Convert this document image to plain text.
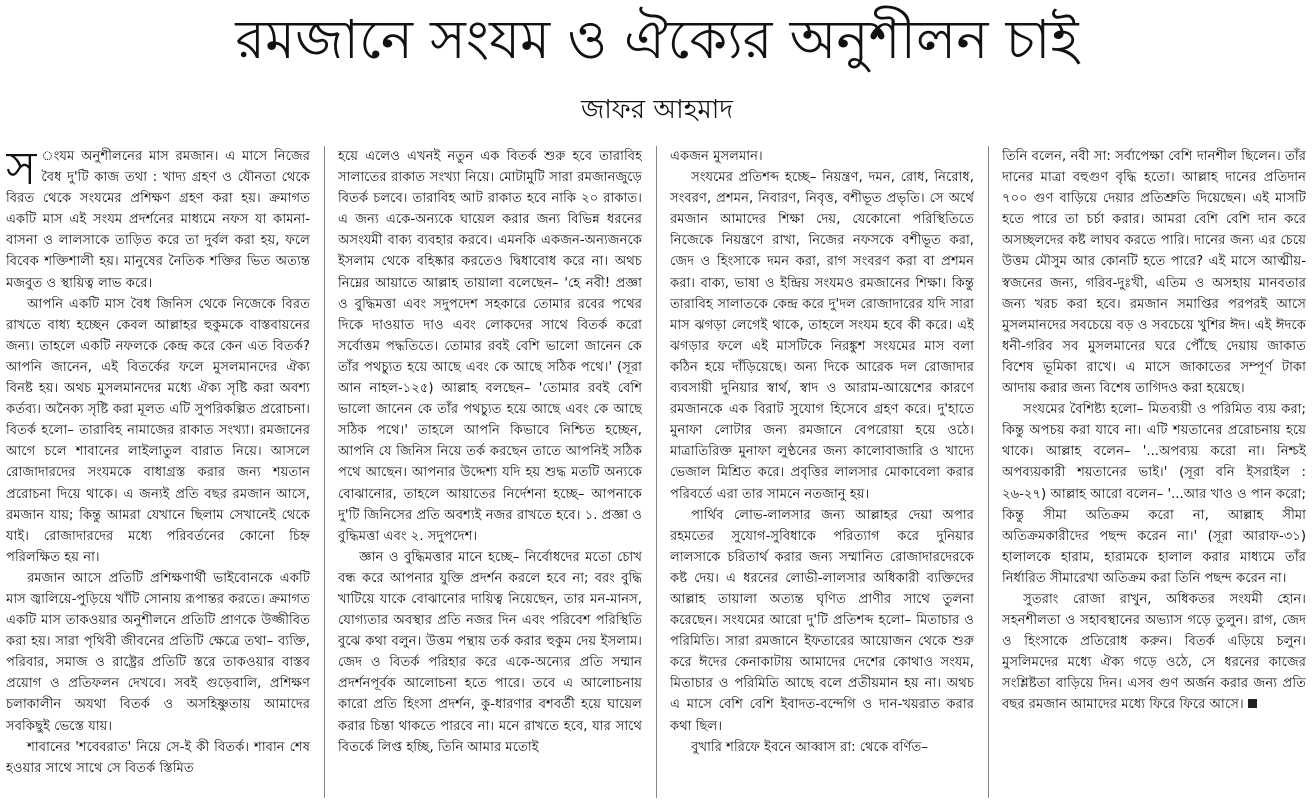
রমজানে সংযম ও ঐক্যের অনুশীলন চাই
জাফর আহমাদ

স ংযম অনুশীলনের মাস রমজান। এ মাসে নিজের বৈধ দু'টি কাজ তথা : খাদ্য গ্রহণ ও যৌনতা থেকে বিরত থেকে সংযমের প্রশিক্ষণ গ্রহণ করা হয়। ক্রমাগত একটি মাস এই সংযম প্রদর্শনের মাধ্যমে নফস যা কামনা-বাসনা ও লালসাকে তাড়িত করে তা দুর্বল করা হয়, ফলে বিবেক শক্তিশালী হয়। মানুষের নৈতিক শক্তির ভিত অত্যন্ত মজবুত ও স্থায়িত্ব লাভ করে।

আপনি একটি মাস বৈধ জিনিস থেকে নিজেকে বিরত রাখতে বাধ্য হচ্ছেন কেবল আল্লাহর হুকুমকে বাস্তবায়নের জন্য। তাহলে একটি নফলকে কেন্দ্র করে কেন এত বিতর্ক? আপনি জানেন, এই বিতর্কের ফলে মুসলমানদের ঐক্য বিনষ্ট হয়। অথচ মুসলমানদের মধ্যে ঐক্য সৃষ্টি করা অবশ্য কর্তব্য। অনৈক্য সৃষ্টি করা মূলত এটি সুপরিকল্পিত প্ররোচনা। বিতর্ক হলো– তারাবিহ নামাজের রাকাত সংখ্যা। রমজানের আগে চলে শাবানের লাইলাতুল বারাত নিয়ে। আসলে রোজাদারদের সংযমকে বাধাগ্রস্ত করার জন্য শয়তান প্ররোচনা দিয়ে থাকে। এ জন্যই প্রতি বছর রমজান আসে, রমজান যায়; কিন্তু আমরা যেখানে ছিলাম সেখানেই থেকে যাই। রোজাদারদের মধ্যে পরিবর্তনের কোনো চিহ্ন পরিলক্ষিত হয় না।

রমজান আসে প্রতিটি প্রশিক্ষণার্থী ভাইবোনকে একটি মাস জ্বালিয়ে-পুড়িয়ে খাঁটি সোনায় রূপান্তর করতে। ক্রমাগত একটি মাস তাকওয়ার অনুশীলনে প্রতিটি প্রাণকে উজ্জীবিত করা হয়। সারা পৃথিবী জীবনের প্রতিটি ক্ষেত্রে তথা– ব্যক্তি, পরিবার, সমাজ ও রাষ্ট্রের প্রতিটি স্তরে তাকওয়ার বাস্তব প্রয়োগ ও প্রতিফলন দেখবে। সবই গুড়েবালি, প্রশিক্ষণ চলাকালীন অযথা বিতর্ক ও অসহিষ্ণুতায় আমাদের সবকিছুই ভেস্তে যায়।

শাবানের 'শবেবরাত' নিয়ে সে-ই কী বিতর্ক। শাবান শেষ হওয়ার সাথে সাথে সে বিতর্ক স্তিমিত

হয়ে এলেও এখনই নতুন এক বিতর্ক শুরু হবে তারাবিহ সালাতের রাকাত সংখ্যা নিয়ে। মোটামুটি সারা রমজানজুড়ে বিতর্ক চলবে। তারাবিহ আট রাকাত হবে নাকি ২০ রাকাত। এ জন্য একে-অন্যকে ঘায়েল করার জন্য বিভিন্ন ধরনের অসংযমী বাক্য ব্যবহার করবে। এমনকি একজন-অন্যজনকে ইসলাম থেকে বহিষ্কার করতেও দ্বিধাবোধ করে না। অথচ নিম্নের আয়াতে আল্লাহ তায়ালা বলেছেন– 'হে নবী! প্রজ্ঞা ও বুদ্ধিমত্তা এবং সদুপদেশ সহকারে তোমার রবের পথের দিকে দাওয়াত দাও এবং লোকদের সাথে বিতর্ক করো সর্বোত্তম পদ্ধতিতে। তোমার রবই বেশি ভালো জানেন কে তাঁর পথচ্যুত হয়ে আছে এবং কে আছে সঠিক পথে।' (সূরা আন নাহল-১২৫) আল্লাহ বলছেন– 'তোমার রবই বেশি ভালো জানেন কে তাঁর পথচ্যুত হয়ে আছে এবং কে আছে সঠিক পথে।' তাহলে আপনি কিভাবে নিশ্চিত হচ্ছেন, আপনি যে জিনিস নিয়ে তর্ক করছেন তাতে আপনিই সঠিক পথে আছেন। আপনার উদ্দেশ্য যদি হয় শুদ্ধ মতটি অন্যকে বোঝানোর, তাহলে আয়াতের নির্দেশনা হচ্ছে– আপনাকে দু'টি জিনিসের প্রতি অবশ্যই নজর রাখতে হবে। ১. প্রজ্ঞা ও বুদ্ধিমত্তা এবং ২. সদুপদেশ।

জ্ঞান ও বুদ্ধিমত্তার মানে হচ্ছে– নির্বোধদের মতো চোখ বন্ধ করে আপনার যুক্তি প্রদর্শন করলে হবে না; বরং বুদ্ধি খাটিয়ে যাকে বোঝানোর দায়িত্ব নিয়েছেন, তার মন-মানস, যোগ্যতার অবস্থার প্রতি নজর দিন এবং পরিবেশ পরিস্থিতি বুঝে কথা বলুন। উত্তম পন্থায় তর্ক করার হুকুম দেয় ইসলাম। জেদ ও বিতর্ক পরিহার করে একে-অন্যের প্রতি সম্মান প্রদর্শনপূর্বক আলোচনা হতে পারে। তবে এ আলোচনায় কারো প্রতি হিংসা প্রদর্শন, কু-ধারণার বশবর্তী হয়ে ঘায়েল করার চিন্তা থাকতে পারবে না। মনে রাখতে হবে, যার সাথে বিতর্কে লিপ্ত হচ্ছি, তিনি আমার মতোই

একজন মুসলমান।

সংযমের প্রতিশব্দ হচ্ছে– নিয়ন্ত্রণ, দমন, রোধ, নিরোধ, সংবরণ, প্রশমন, নিবারণ, নিবৃত্ত, বশীভূত প্রভৃতি। সে অর্থে রমজান আমাদের শিক্ষা দেয়, যেকোনো পরিস্থিতিতে নিজেকে নিয়ন্ত্রণে রাখা, নিজের নফসকে বশীভূত করা, জেদ ও হিংসাকে দমন করা, রাগ সংবরণ করা বা প্রশমন করা। বাক্য, ভাষা ও ইন্দ্রিয় সংযমও রমজানের শিক্ষা। কিন্তু তারাবিহ সালাতকে কেন্দ্র করে দু'দল রোজাদারের যদি সারা মাস ঝগড়া লেগেই থাকে, তাহলে সংযম হবে কী করে। এই ঝগড়ার ফলে এই মাসটিকে নিরঙ্কুশ সংযমের মাস বলা কঠিন হয়ে দাঁড়িয়েছে। অন্য দিকে আরেক দল রোজাদার ব্যবসায়ী দুনিয়ার স্বার্থ, স্বাদ ও আরাম-আয়েশের কারণে রমজানকে এক বিরাট সুযোগ হিসেবে গ্রহণ করে। দু'হাতে মুনাফা লোটার জন্য রমজানে বেপরোয়া হয়ে ওঠে। মাত্রাতিরিক্ত মুনাফা লুণ্ঠনের জন্য কালোবাজারি ও খাদ্যে ভেজাল মিশ্রিত করে। প্রবৃত্তির লালসার মোকাবেলা করার পরিবর্তে এরা তার সামনে নতজানু হয়।

পার্থিব লোভ-লালসার জন্য আল্লাহর দেয়া অপার রহমতের সুযোগ-সুবিধাকে পরিত্যাগ করে দুনিয়ার লালসাকে চরিতার্থ করার জন্য সম্মানিত রোজাদারদেরকে কষ্ট দেয়। এ ধরনের লোভী-লালসার অধিকারী ব্যক্তিদের আল্লাহ তায়ালা অত্যন্ত ঘৃণিত প্রাণীর সাথে তুলনা করেছেন। সংযমের আরো দু'টি প্রতিশব্দ হলো– মিতাচার ও পরিমিতি। সারা রমজানে ইফতারের আয়োজন থেকে শুরু করে ঈদের কেনাকাটায় আমাদের দেশের কোথাও সংযম, মিতাচার ও পরিমিতি আছে বলে প্রতীয়মান হয় না। অথচ এ মাসে বেশি বেশি ইবাদত-বন্দেগি ও দান-খয়রাত করার কথা ছিল।

বুখারি শরিফে ইবনে আব্বাস রা: থেকে বর্ণিত–

তিনি বলেন, নবী সা: সর্বাপেক্ষা বেশি দানশীল ছিলেন। তাঁর দানের মাত্রা বহুগুণ বৃদ্ধি হতো। আল্লাহ দানের প্রতিদান ৭০০ গুণ বাড়িয়ে দেয়ার প্রতিশ্রুতি দিয়েছেন। এই মাসটি হতে পারে তা চর্চা করার। আমরা বেশি বেশি দান করে অসচ্ছলদের কষ্ট লাঘব করতে পারি। দানের জন্য এর চেয়ে উত্তম মৌসুম আর কোনটি হতে পারে? এই মাসে আত্মীয়-স্বজনের জন্য, গরিব-দুঃখী, এতিম ও অসহায় মানবতার জন্য খরচ করা হবে। রমজান সমাপ্তির পরপরই আসে মুসলমানদের সবচেয়ে বড় ও সবচেয়ে খুশির ঈদ। এই ঈদকে ধনী-গরিব সব মুসলমানের ঘরে পৌঁছে দেয়ায় জাকাত বিশেষ ভূমিকা রাখে। এ মাসে জাকাতের সম্পূর্ণ টাকা আদায় করার জন্য বিশেষ তাগিদও করা হয়েছে।

সংযমের বৈশিষ্ট্য হলো– মিতব্যয়ী ও পরিমিত ব্যয় করা; কিন্তু অপচয় করা যাবে না। এটি শয়তানের প্ররোচনায় হয়ে থাকে। আল্লাহ বলেন– '...অপব্যয় করো না। নিশ্চই অপব্যয়কারী শয়তানের ভাই।' (সূরা বনি ইসরাইল : ২৬-২৭) আল্লাহ আরো বলেন– '...আর খাও ও পান করো; কিন্তু সীমা অতিক্রম করো না, আল্লাহ সীমা অতিক্রমকারীদের পছন্দ করেন না।' (সূরা আরাফ-৩১) হালালকে হারাম, হারামকে হালাল করার মাধ্যমে তাঁর নির্ধারিত সীমারেখা অতিক্রম করা তিনি পছন্দ করেন না।

সুতরাং রোজা রাখুন, অধিকতর সংযমী হোন। সহনশীলতা ও সহাবস্থানের অভ্যাস গড়ে তুলুন। রাগ, জেদ ও হিংসাকে প্রতিরোধ করুন। বিতর্ক এড়িয়ে চলুন। মুসলিমদের মধ্যে ঐক্য গড়ে ওঠে, সে ধরনের কাজের সংশ্লিষ্টতা বাড়িয়ে দিন। এসব গুণ অর্জন করার জন্য প্রতি বছর রমজান আমাদের মধ্যে ফিরে ফিরে আসে।
